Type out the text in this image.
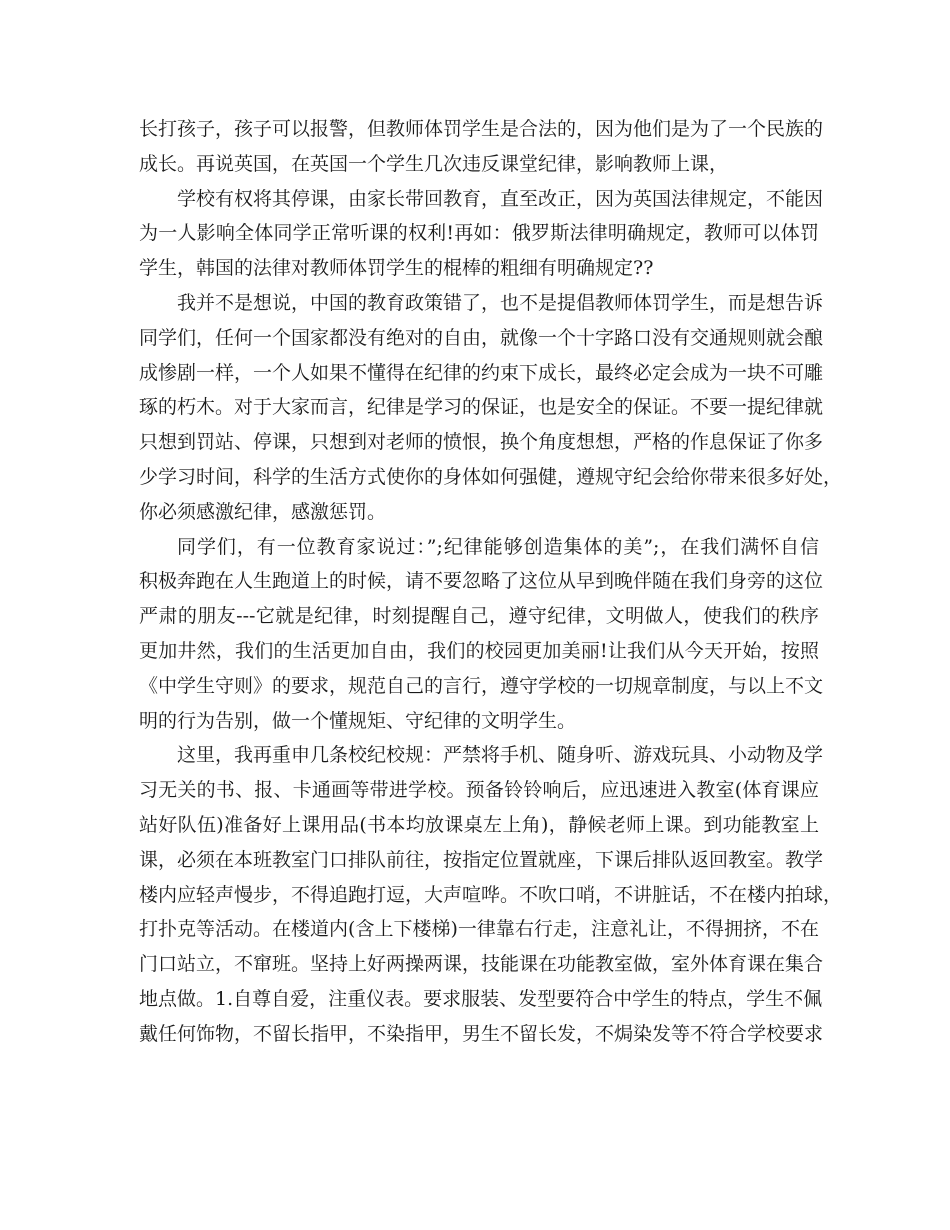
长打孩子，孩子可以报警，但教师体罚学生是合法的，因为他们是为了一个民族的
成长。再说英国，在英国一个学生几次违反课堂纪律，影响教师上课，
学校有权将其停课，由家长带回教育，直至改正，因为英国法律规定，不能因
为一人影响全体同学正常听课的权利!再如：俄罗斯法律明确规定，教师可以体罚
学生，韩国的法律对教师体罚学生的棍棒的粗细有明确规定??
我并不是想说，中国的教育政策错了，也不是提倡教师体罚学生，而是想告诉
同学们，任何一个国家都没有绝对的自由，就像一个十字路口没有交通规则就会酿
成惨剧一样，一个人如果不懂得在纪律的约束下成长，最终必定会成为一块不可雕
琢的朽木。对于大家而言，纪律是学习的保证，也是安全的保证。不要一提纪律就
只想到罚站、停课，只想到对老师的愤恨，换个角度想想，严格的作息保证了你多
少学习时间，科学的生活方式使你的身体如何强健，遵规守纪会给你带来很多好处，
你必须感激纪律，感激惩罚。
同学们，有一位教育家说过：”;纪律能够创造集体的美”;，在我们满怀自信
积极奔跑在人生跑道上的时候，请不要忽略了这位从早到晚伴随在我们身旁的这位
严肃的朋友---它就是纪律，时刻提醒自己，遵守纪律，文明做人，使我们的秩序
更加井然，我们的生活更加自由，我们的校园更加美丽!让我们从今天开始，按照
《中学生守则》的要求，规范自己的言行，遵守学校的一切规章制度，与以上不文
明的行为告别，做一个懂规矩、守纪律的文明学生。
这里，我再重申几条校纪校规：严禁将手机、随身听、游戏玩具、小动物及学
习无关的书、报、卡通画等带进学校。预备铃铃响后，应迅速进入教室(体育课应
站好队伍)准备好上课用品(书本均放课桌左上角)，静候老师上课。到功能教室上
课，必须在本班教室门口排队前往，按指定位置就座，下课后排队返回教室。教学
楼内应轻声慢步，不得追跑打逗，大声喧哗。不吹口哨，不讲脏话，不在楼内拍球，
打扑克等活动。在楼道内(含上下楼梯)一律靠右行走，注意礼让，不得拥挤，不在
门口站立，不窜班。坚持上好两操两课，技能课在功能教室做，室外体育课在集合
地点做。1.自尊自爱，注重仪表。要求服装、发型要符合中学生的特点，学生不佩
戴任何饰物，不留长指甲，不染指甲，男生不留长发，不焗染发等不符合学校要求
